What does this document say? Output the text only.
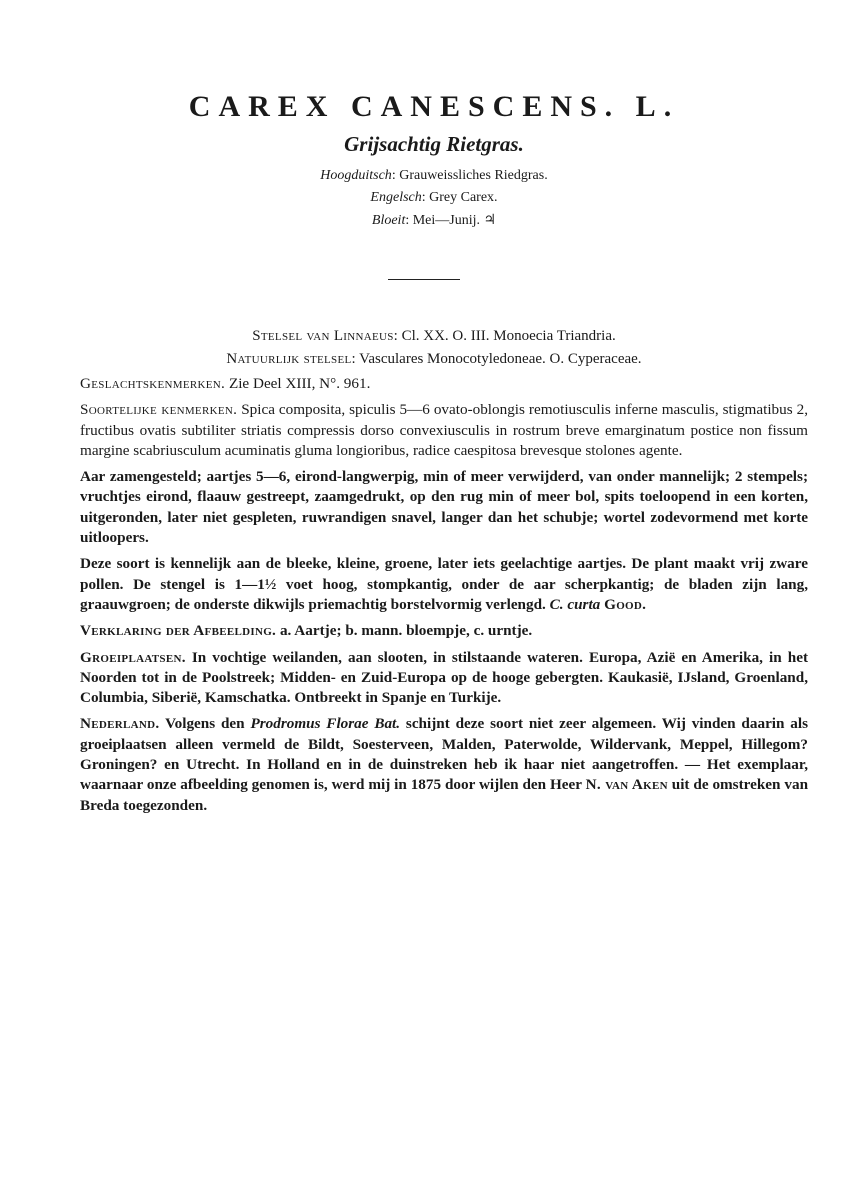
CAREX CANESCENS. L.
Grijsachtig Rietgras.
Hoogduitsch: Grauweissliches Riedgras.
Engelsch: Grey Carex.
Bloeit: Mei—Junij. ♃
Stelsel van Linnaeus: Cl. XX. O. III. Monoecia Triandria.
Natuurlijk stelsel: Vasculares Monocotyledoneae. O. Cyperaceae.

Geslachtskenmerken. Zie Deel XIII, N°. 961.

Soortelijke kenmerken. Spica composita, spiculis 5—6 ovato-oblongis remotiusculis inferne masculis, stigmatibus 2, fructibus ovatis subtiliter striatis compressis dorso convexiusculis in rostrum breve emarginatum postice non fissum margine scabriusculum acuminatis gluma longioribus, radice caespitosa brevesque stolones agente.

Aar zamengesteld; aartjes 5—6, eirond-langwerpig, min of meer verwijderd, van onder mannelijk; 2 stempels; vruchtjes eirond, flaauw gestreept, zaamgedrukt, op den rug min of meer bol, spits toeloopend in een korten, uitgeronden, later niet gespleten, ruwrandigen snavel, langer dan het schubje; wortel zodevormend met korte uitloopers.

Deze soort is kennelijk aan de bleeke, kleine, groene, later iets geelachtige aartjes. De plant maakt vrij zware pollen. De stengel is 1—1½ voet hoog, stompkantig, onder de aar scherpkantig; de bladen zijn lang, graauwgroen; de onderste dikwijls priemachtig borstelvormig verlengd. C. curta Good.

Verklaring der Afbeelding. a. Aartje; b. mann. bloempje, c. urntje.

Groeiplaatsen. In vochtige weilanden, aan slooten, in stilstaande wateren. Europa, Azië en Amerika, in het Noorden tot in de Poolstreek; Midden- en Zuid-Europa op de hooge gebergten. Kaukasië, IJsland, Groenland, Columbia, Siberië, Kamschatka. Ontbreekt in Spanje en Turkije.

Nederland. Volgens den Prodromus Florae Bat. schijnt deze soort niet zeer algemeen. Wij vinden daarin als groeiplaatsen alleen vermeld de Bildt, Soesterveen, Malden, Paterwolde, Wildervank, Meppel, Hillegom? Groningen? en Utrecht. In Holland en in de duinstreken heb ik haar niet aangetroffen. — Het exemplaar, waarnaar onze afbeelding genomen is, werd mij in 1875 door wijlen den Heer N. van Aken uit de omstreken van Breda toegezonden.
